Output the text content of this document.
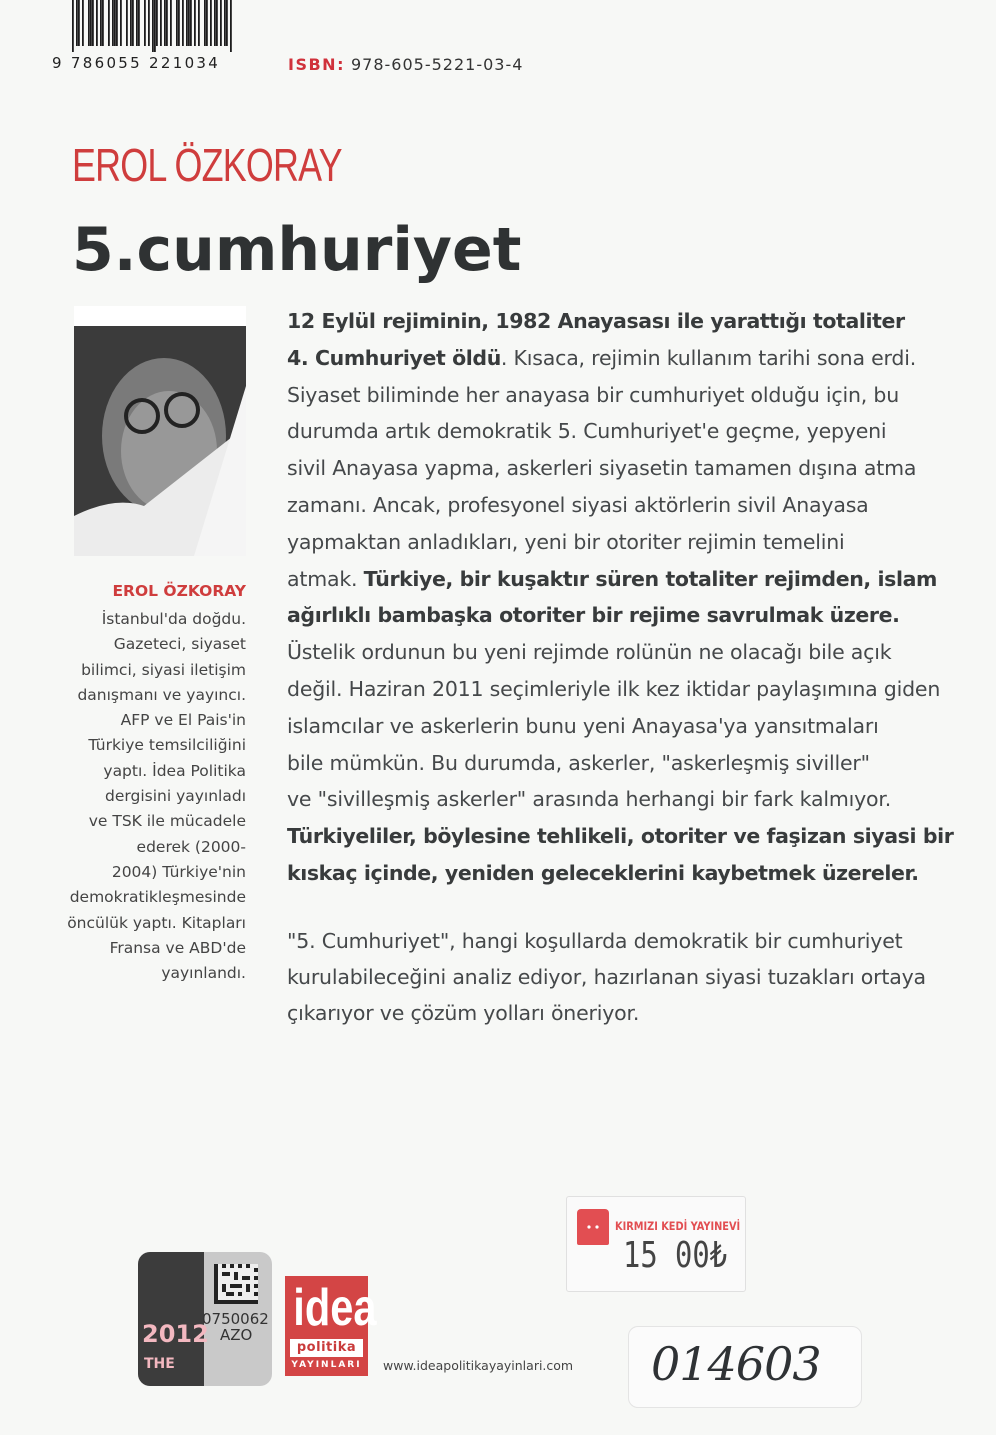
9 786055 221034	ISBN: 978-605-5221-03-4
EROL ÖZKORAY
5.cumhuriyet
EROL ÖZKORAY
İstanbul'da doğdu.
Gazeteci, siyaset
bilimci, siyasi iletişim
danışmanı ve yayıncı.
AFP ve El Pais'in
Türkiye temsilciliğini
yaptı. İdea Politika
dergisini yayınladı
ve TSK ile mücadele
ederek (2000-
2004) Türkiye'nin
demokratikleşmesinde
öncülük yaptı. Kitapları
Fransa ve ABD'de
yayınlandı.
12 Eylül rejiminin, 1982 Anayasası ile yarattığı totaliter
4. Cumhuriyet öldü. Kısaca, rejimin kullanım tarihi sona erdi.
Siyaset biliminde her anayasa bir cumhuriyet olduğu için, bu
durumda artık demokratik 5. Cumhuriyet'e geçme, yepyeni
sivil Anayasa yapma, askerleri siyasetin tamamen dışına atma
zamanı. Ancak, profesyonel siyasi aktörlerin sivil Anayasa
yapmaktan anladıkları, yeni bir otoriter rejimin temelini
atmak. Türkiye, bir kuşaktır süren totaliter rejimden, islam
ağırlıklı bambaşka otoriter bir rejime savrulmak üzere.
Üstelik ordunun bu yeni rejimde rolünün ne olacağı bile açık
değil. Haziran 2011 seçimleriyle ilk kez iktidar paylaşımına giden
islamcılar ve askerlerin bunu yeni Anayasa'ya yansıtmaları
bile mümkün. Bu durumda, askerler, "askerleşmiş siviller"
ve "sivilleşmiş askerler" arasında herhangi bir fark kalmıyor.
Türkiyeliler, böylesine tehlikeli, otoriter ve faşizan siyasi bir
kıskaç içinde, yeniden geleceklerini kaybetmek üzereler.
"5. Cumhuriyet", hangi koşullarda demokratik bir cumhuriyet
kurulabileceğini analiz ediyor, hazırlanan siyasi tuzakları ortaya
çıkarıyor ve çözüm yolları öneriyor.
2012
THE
0750062
AZO idea
politika
YAYINLARI	www.ideapolitikayayinlari.com
KIRMIZI KEDİ YAYINEVİ
15 00₺
014603
